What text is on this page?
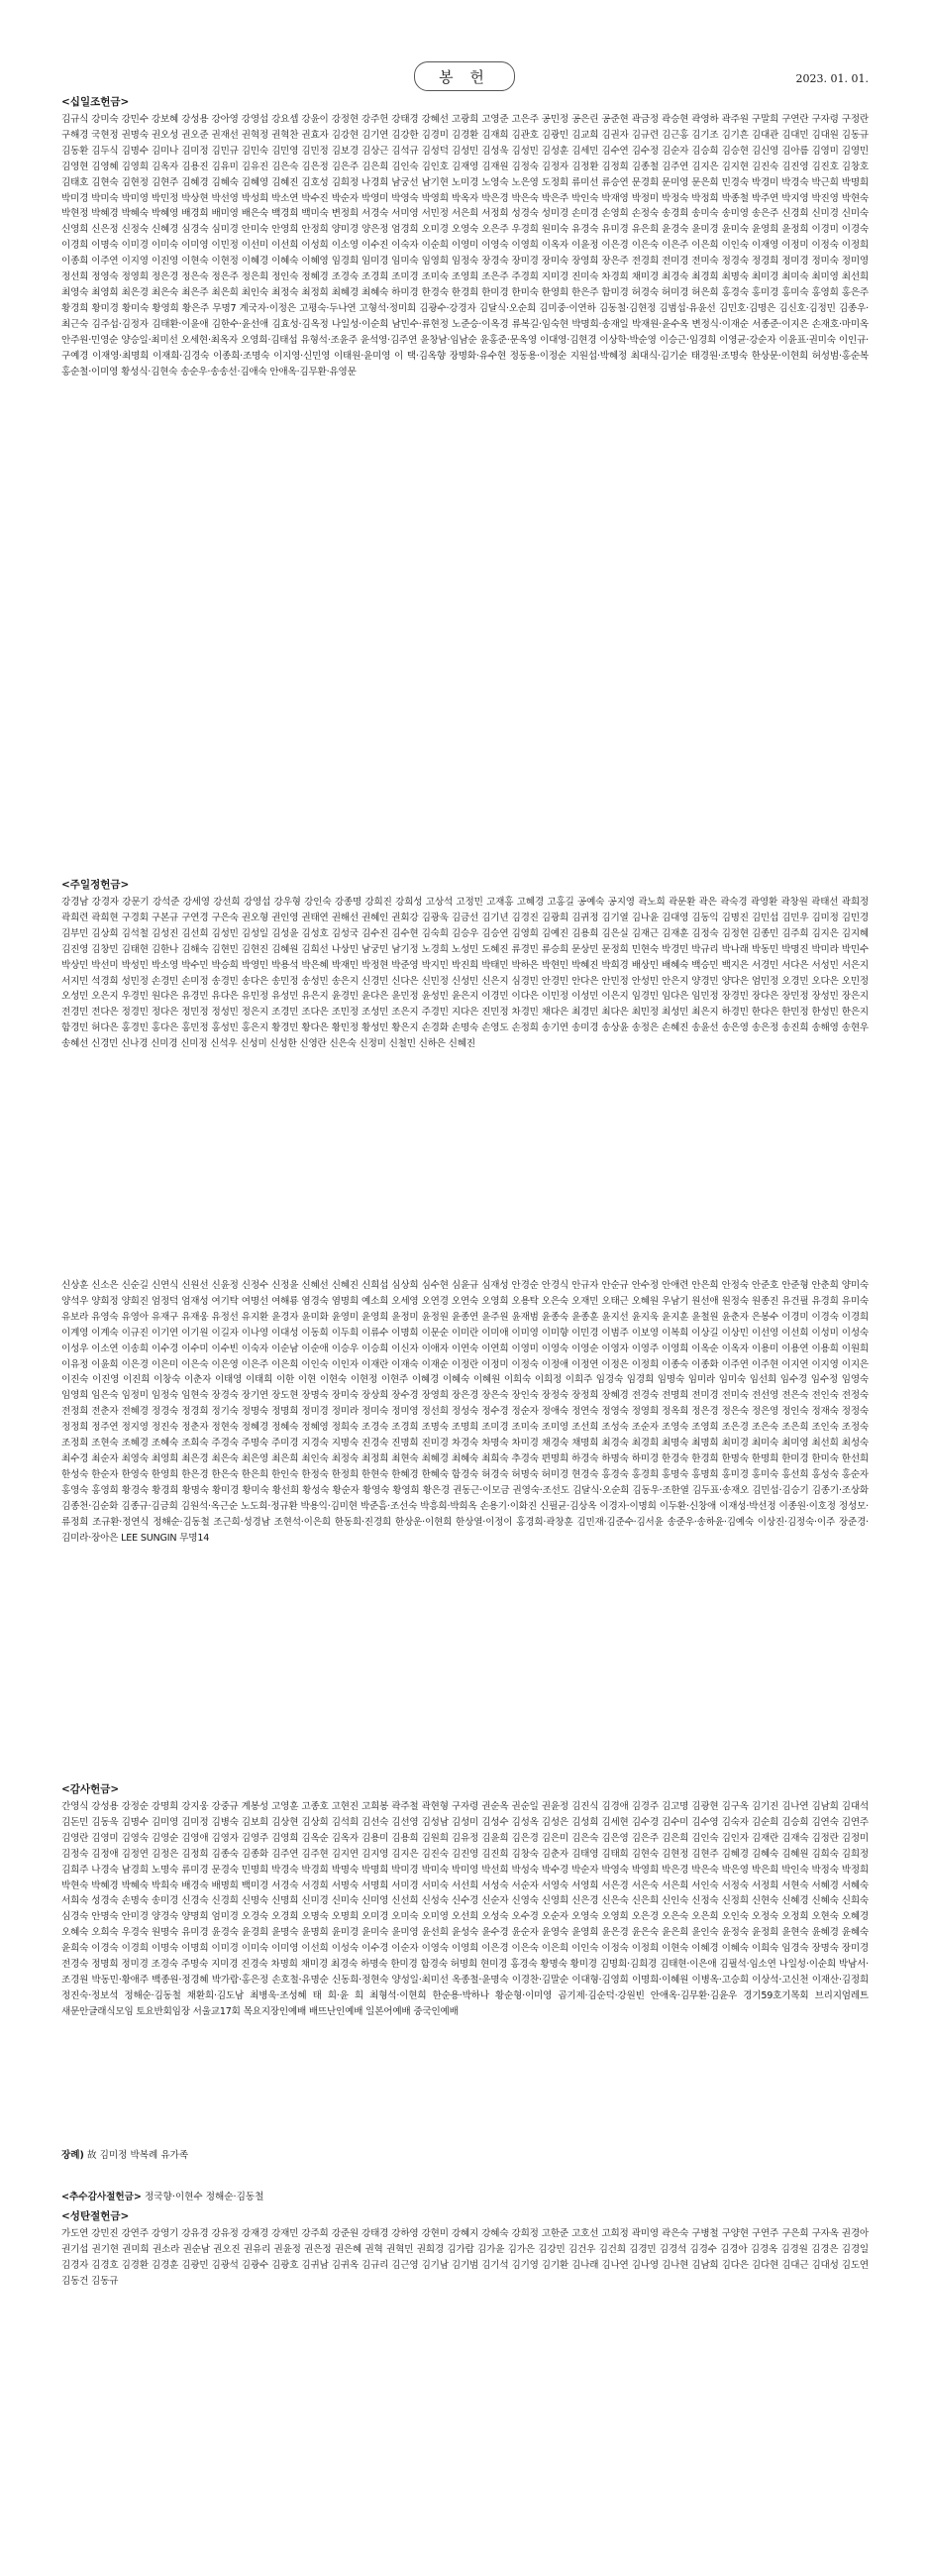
봉 헌	2023. 01. 01.
<십일조헌금>
김규식 강미숙 강민수 강보혜 강성용 강아영 강영섭 강요셉 강윤이 강정현 강주헌 강태경 강혜선 고광희 고영준 고은주 공민정 공은린 공준현 곽금정 곽승현 곽영하 곽주원 구말희 구연란 구자령 구정란 구해경 국현정 권명숙 권오성 권오준 권재선 권혁정 권혁찬 권효자 김강현 김기연 김강한 김경미 김경환 김재희 김관호 김광민 김교희 김권자 김규련 김근홍 김기조 김기흔 김대관 김대민 김대원 김동규 김동환 김두식 김명수 김미나 김미정 김민규 김민숙 김민영 김민정 김보경 김상근 김석규 김성덕 김성민 김성욱 김성민 김성훈 김세민 김수연 김수정 김순자 김승희 김승현 김신영 김아름 김영미 김영민 김영현 김영혜 김영희 김옥자 김용진 김유미 김유진 김은숙 김은정 김은주 김은희 김인숙 김인호 김재영 김재원 김정숙 김정자 김정환 김정희 김종철 김주연 김지은 김지현 김진숙 김진영 김진호 김창호 김태호 김현숙 김현정 김현주 김혜경 김혜숙 김혜영 김혜진 김호성 김희정 나경희 남궁선 남기현 노미경 노영숙 노은영 도정희 류미선 류승연 문경희 문미영 문은희 민경숙 박경미 박경숙 박근희 박명희 박미경 박미숙 박미영 박민정 박상현 박선영 박성희 박소연 박수진 박순자 박영미 박영숙 박영희 박옥자 박은경 박은숙 박은주 박인숙 박재영 박정미 박정숙 박정희 박종철 박주연 박지영 박진영 박현숙 박현정 박혜경 박혜숙 박혜영 배경희 배미영 배은숙 백경희 백미숙 변정희 서경숙 서미영 서민정 서은희 서정희 성경숙 성미경 손미경 손영희 손정숙 송경희 송미숙 송미영 송은주 신경희 신미경 신미숙 신영희 신은정 신정숙 신혜경 심경숙 심미경 안미숙 안영희 안정희 양미경 양은정 엄경희 오미경 오영숙 오은주 우경희 원미숙 유경숙 유미경 유은희 윤경숙 윤미경 윤미숙 윤영희 윤정희 이경미 이경숙 이경희 이명숙 이미경 이미숙 이미영 이민정 이선미 이선희 이성희 이소영 이수진 이숙자 이순희 이영미 이영숙 이영희 이옥자 이윤정 이은경 이은숙 이은주 이은희 이인숙 이재영 이정미 이정숙 이정희 이종희 이주연 이지영 이진영 이현숙 이현정 이혜경 이혜숙 이혜영 임경희 임미경 임미숙 임영희 임정숙 장경숙 장미경 장미숙 장영희 장은주 전경희 전미경 전미숙 정경숙 정경희 정미경 정미숙 정미영 정선희 정영숙 정영희 정은경 정은숙 정은주 정은희 정인숙 정혜경 조경숙 조경희 조미경 조미숙 조영희 조은주 주경희 지미경 진미숙 차경희 채미경 최경숙 최경희 최명숙 최미경 최미숙 최미영 최선희 최영숙 최영희 최은경 최은숙 최은주 최은희 최인숙 최정숙 최정희 최혜경 최혜숙 하미경 한경숙 한경희 한미경 한미숙 한영희 한은주 함미경 허경숙 허미경 허은희 홍경숙 홍미경 홍미숙 홍영희 홍은주 황경희 황미경 황미숙 황영희 황은주 무명7 계국자·이정은 고평숙·두나연 고형석·정미희 김광수·강경자 김달식·오순희 김미중·이연하 김동철·김현정 김범섭·유윤선 김민호·김명은 김신호·김정민 김종우·최근숙 김주섭·김정자 김태환·이윤애 김한수·윤선애 김효성·김옥정 나일성·이순희 남민수·류현정 노준승·이옥경 류복길·임숙현 박명희·송재일 박재원·윤수옥 변정식·이재순 서종준·이지은 손재호·마미옥 안주원·민영순 양승일·최미선 오세현·최옥자 오영희·김태섭 유형석·조윤주 윤석영·김주연 윤창남·임남순 윤홍준·문옥영 이대영·김현경 이상학·박순영 이승근·임경희 이영균·강순자 이윤표·권미숙 이인규·구예경 이재영·최명희 이재희·김경숙 이종희·조명숙 이지영·신민영 이태원·윤미영 이 택·김옥향 장명화·유수현 정동용·이정순 지원섭·박혜정 최대식·김기순 태경원·조명숙 한상문·이현희 허성범·홍순복 홍순철·이미영 황성식·김현숙 송순우·송송선·김애숙 안애옥·김무환·유영문
<주일정헌금>
강경남 강경자 강문기 강석준 강세영 강선희 강영섭 강우형 강인숙 강종명 강희진 강희성 고상석 고정민 고재홍 고혜경 고홍길 공예숙 공지영 곽노희 곽문환 곽은 곽숙경 곽영환 곽창원 곽태선 곽희정 곽희련 곽희현 구경회 구본규 구연경 구은숙 권오형 권인영 권태연 권해선 권혜인 권회강 김광욱 김금선 김기년 김경진 김광희 김귀정 김기열 김나윤 김대영 김동익 김명진 김민섭 김민우 김미정 김민경 김부민 김상희 김석철 김성진 김선희 김성민 김성일 김성윤 김성호 김성국 김수진 김수현 김숙희 김승우 김승연 김영희 김예진 김용희 김은실 김재근 김재훈 김정숙 김정현 김종민 김주희 김지은 김지혜 김진영 김창민 김태현 김한나 김해숙 김현민 김현진 김혜원 김희선 나상민 남궁민 남기정 노경희 노성민 도혜진 류경민 류승희 문상민 문정희 민현숙 박경민 박규리 박나래 박동민 박명진 박미라 박민수 박상민 박선미 박성민 박소영 박수민 박승희 박영민 박용석 박은혜 박재민 박정현 박준영 박지민 박진희 박태민 박하은 박현민 박혜진 박희경 배상민 배혜숙 백승민 백지은 서경민 서다은 서성민 서은지 서지민 석경희 성민정 손경민 손미정 송경민 송다은 송민정 송성민 송은지 신경민 신다은 신민정 신성민 신은지 심경민 안경민 안다은 안민정 안성민 안은지 양경민 양다은 엄민정 오경민 오다은 오민정 오성민 오은지 우경민 원다은 유경민 유다은 유민정 유성민 유은지 윤경민 윤다은 윤민정 윤성민 윤은지 이경민 이다은 이민정 이성민 이은지 임경민 임다은 임민정 장경민 장다은 장민정 장성민 장은지 전경민 전다은 정경민 정다은 정민정 정성민 정은지 조경민 조다은 조민정 조성민 조은지 주경민 지다은 진민정 차경민 채다은 최경민 최다은 최민정 최성민 최은지 하경민 한다은 한민정 한성민 한은지 함경민 허다은 홍경민 홍다은 홍민정 홍성민 홍은지 황경민 황다은 황민정 황성민 황은지 손경화 손명숙 손영도 손정희 송기연 송미경 송상윤 송정은 손혜진 송윤선 송은영 송은정 송진희 송해영 송현우 송혜선 신경민 신나경 신미경 신미정 신석우 신성미 신성한 신영란 신은숙 신정미 신철민 신하은 신혜진
신상훈 신소은 신순길 신연식 신원선 신윤정 신정수 신정윤 신혜선 신혜진 신희섭 심상희 심수현 심윤규 심재성 안경순 안경식 안규자 안순규 안수정 안애련 안은희 안정숙 안준호 안준형 안춘희 양미숙 양석우 양희정 양희진 엄정덕 엄재성 여기탁 여명선 여해룡 염경숙 염명희 예소희 오세영 오연경 오연숙 오영희 오용탁 오은숙 오재민 오태근 오혜원 우남기 원선애 원정숙 원종진 유건필 유경희 유미숙 유보라 유영숙 유영아 유재구 유재웅 유정선 유지환 윤경자 윤미화 윤영미 윤영희 윤정미 윤정원 윤종연 윤주원 윤재범 윤종숙 윤종훈 윤지선 윤지욱 윤지훈 윤철원 윤춘자 은봉수 이경미 이경숙 이경희 이계영 이계숙 이규진 이기연 이기원 이길자 이나영 이대성 이동희 이두희 이류수 이명희 이문순 이미란 이미애 이미영 이미향 이민경 이범주 이보영 이복희 이상길 이상민 이선영 이선희 이성미 이성숙 이성우 이소연 이송희 이수경 이수미 이수빈 이숙자 이순남 이순애 이승우 이승희 이신자 이애자 이연숙 이연희 이영미 이영숙 이영순 이영자 이영주 이영희 이옥순 이옥자 이용미 이용연 이용희 이원희 이유정 이윤희 이은경 이은미 이은숙 이은영 이은주 이은희 이인숙 이인자 이재란 이재숙 이재순 이정란 이정미 이정숙 이정애 이정연 이정은 이정희 이종숙 이종화 이주연 이주현 이지연 이지영 이지은 이진숙 이진영 이진희 이창숙 이춘자 이태영 이태희 이한 이현 이현숙 이현정 이현주 이혜경 이혜숙 이혜원 이희숙 이희정 이희주 임경숙 임경희 임명숙 임미라 임미숙 임선희 임수경 임수정 임영숙 임영희 임은숙 임정미 임정숙 임현숙 장경숙 장기연 장도현 장명숙 장미숙 장상희 장수경 장영희 장은경 장은숙 장인숙 장정숙 장정희 장혜경 전경숙 전명희 전미경 전미숙 전선영 전은숙 전인숙 전정숙 전정희 전춘자 전혜경 정경숙 정경희 정기숙 정명숙 정명희 정미경 정미라 정미숙 정미영 정선희 정성숙 정수경 정순자 정애숙 정연숙 정영숙 정영희 정옥희 정은경 정은숙 정은영 정인숙 정재숙 정정숙 정정희 정주연 정지영 정진숙 정춘자 정현숙 정혜경 정혜숙 정혜영 정희숙 조경숙 조경희 조명숙 조명희 조미경 조미숙 조미영 조선희 조성숙 조순자 조영숙 조영희 조은경 조은숙 조은희 조인숙 조정숙 조정희 조현숙 조혜경 조혜숙 조희숙 주경숙 주명숙 주미경 지경숙 지명숙 진경숙 진명희 진미경 차경숙 차명숙 차미경 채경숙 채명희 최경숙 최경희 최명숙 최명희 최미경 최미숙 최미영 최선희 최성숙 최수경 최순자 최영숙 최영희 최은경 최은숙 최은영 최은희 최인숙 최정숙 최정희 최현숙 최혜경 최혜숙 최희숙 추경숙 편명희 하경숙 하명숙 하미경 한경숙 한경희 한명숙 한명희 한미경 한미숙 한선희 한성숙 한순자 한영숙 한영희 한은경 한은숙 한은희 한인숙 한정숙 한정희 한현숙 한혜경 한혜숙 함경숙 허경숙 허명숙 허미경 현경숙 홍경숙 홍경희 홍명숙 홍명희 홍미경 홍미숙 홍선희 홍성숙 홍순자 홍영숙 홍영희 황경숙 황경희 황명숙 황미경 황미숙 황선희 황성숙 황순자 황영숙 황영희 황은경 권동근·이모금 권영숙·조선도 김달식·오순희 김동우·조한열 김두표·송재오 김민섭·김승기 김종기·조상화 김종천·김순화 김종규·김금희 김원석·옥근순 노도희·정규환 박용익·김미현 박준흠·조선숙 박흥희·박희옥 손용기·이화진 신필균·김상옥 이경자·이명희 이두환·신창애 이재성·박선정 이종원·이호정 정성모·류정희 조규환·정연식 정해순·김동철 조근희·성경남 조현석·이은희 한동희·진경희 한상운·이현희 한상열·이정이 홍경희·곽창훈 김민재·김준수·김서윤 송준우·송하윤·김예숙 이상진·김정숙·이주 장준경·김미라·장아은 LEE SUNGIN 무명14
<감사헌금>
간영식 강성용 강정순 강명희 강지웅 강중규 계봉성 고영훈 고종호 고현진 고희봉 곽주철 곽현형 구자령 권순옥 권순일 권윤정 김진식 김경애 김경주 김고명 김광현 김구옥 김기진 김나연 김남희 김대석 김돈민 김동욱 김명수 김미영 김미정 김병숙 김보희 김상현 김상희 김석희 김선숙 김선영 김성남 김성미 김성수 김성옥 김성은 김성희 김세현 김수경 김수미 김수영 김숙자 김순희 김승희 김연숙 김연주 김영란 김영미 김영숙 김영순 김영애 김영자 김영주 김영희 김옥순 김옥자 김용미 김용희 김원희 김유정 김윤희 김은경 김은미 김은숙 김은영 김은주 김은희 김인숙 김인자 김재란 김재숙 김정란 김정미 김정숙 김정애 김정연 김정은 김정희 김종숙 김종화 김주연 김주현 김지연 김지영 김지은 김진숙 김진영 김진희 김창숙 김춘자 김태영 김태희 김현숙 김현정 김현주 김혜경 김혜숙 김혜원 김희숙 김희정 김희주 나경숙 남경희 노명숙 류미경 문경숙 민명희 박경숙 박경희 박명숙 박명희 박미경 박미숙 박미영 박선희 박성숙 박수경 박순자 박영숙 박영희 박은경 박은숙 박은영 박은희 박인숙 박정숙 박정희 박현숙 박혜경 박혜숙 박희숙 배경숙 배명희 백미경 서경숙 서경희 서명숙 서명희 서미경 서미숙 서선희 서성숙 서순자 서영숙 서영희 서은경 서은숙 서은희 서인숙 서정숙 서정희 서현숙 서혜경 서혜숙 서희숙 성경숙 손명숙 송미경 신경숙 신경희 신명숙 신명희 신미경 신미숙 신미영 신선희 신성숙 신수경 신순자 신영숙 신영희 신은경 신은숙 신은희 신인숙 신정숙 신정희 신현숙 신혜경 신혜숙 신희숙 심경숙 안명숙 안미경 양경숙 양명희 엄미경 오경숙 오경희 오명숙 오명희 오미경 오미숙 오미영 오선희 오성숙 오수경 오순자 오영숙 오영희 오은경 오은숙 오은희 오인숙 오정숙 오정희 오현숙 오혜경 오혜숙 오희숙 우경숙 원명숙 유미경 윤경숙 윤경희 윤명숙 윤명희 윤미경 윤미숙 윤미영 윤선희 윤성숙 윤수경 윤순자 윤영숙 윤영희 윤은경 윤은숙 윤은희 윤인숙 윤정숙 윤정희 윤현숙 윤혜경 윤혜숙 윤희숙 이경숙 이경희 이명숙 이명희 이미경 이미숙 이미영 이선희 이성숙 이수경 이순자 이영숙 이영희 이은경 이은숙 이은희 이인숙 이정숙 이정희 이현숙 이혜경 이혜숙 이희숙 임경숙 장명숙 장미경 전경숙 정명희 정미경 조경숙 주명숙 지미경 진경숙 차명희 채미경 최경숙 하명숙 한미경 함경숙 허명희 현미경 홍경숙 황명숙 황미경 김명희·김희경 김태현·이은애 김필석·임소연 나일성·이순희 박남서·조경원 박동민·황애주 백종원·정경혜 박가람·홍은정 손호철·유명순 신동희·정현숙 양성일·최미선 옥종철·윤명숙 이경찬·김말순 이대형·김영희 이명희·이혜원 이병옥·고승희 이상석·고신천 이재산·김정희 정진숙·정보석 정해순·김동철 채환희·김도남 최병욱·조성혜 태 희·윤 희 최형석·이현희 한순용·박하나 황순형·이미영 곱기제·김순덕·강원빈 안애옥·김무환·김윤우 경기59호기목회 브리지엄레트 새문안글래식모임 토요반회임장 서울교17회 목요지장인예배 배뜨난인예배 일본어예배 중국인예배
장례) 故 김미정 박복례 유가족
<추수감사절헌금> 정국향·이현수 정해순·김동철
<성탄절헌금>
가도연 강민진 강연주 강영기 강유경 강유정 강재경 강재민 강주희 강준원 강태경 강하영 강현미 강혜지 강혜숙 강희정 고한준 고호선 고희정 곽미영 곽은숙 구병철 구양현 구연주 구은희 구자옥 권경아 권기섭 권기현 권미희 권소라 권순남 권오진 권유리 권윤정 권은정 권은혜 권혁 권혁민 권희경 김가람 김가윤 김가은 김강민 김건우 김건희 김경민 김경석 김경수 김경아 김경옥 김경원 김경은 김경일 김경자 김경호 김경환 김경훈 김광민 김광석 김광수 김광호 김귀남 김귀옥 김규리 김근영 김기남 김기범 김기석 김기영 김기환 김나래 김나연 김나영 김나현 김남희 김다은 김다현 김대근 김대성 김도연 김동건 김동규
